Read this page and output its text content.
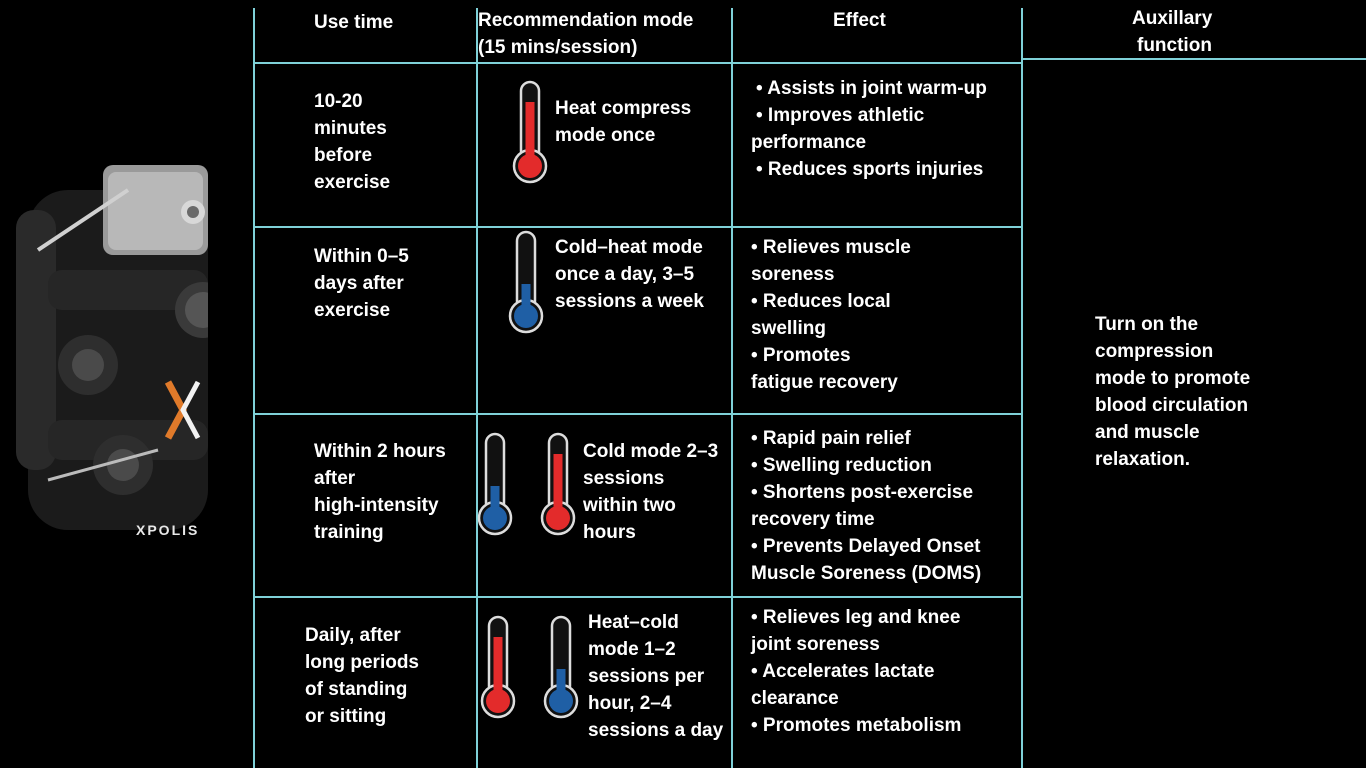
XPOLIS

Use time	Recommendation mode

(15 mins/session)

Effect	Auxillary

function

10-20

minutes

before

exercise

Heat compress

mode once

• Assists in joint warm-up

• Improves athletic

performance

• Reduces sports injuries

Within 0–5

days after

exercise

Cold–heat mode

once a day, 3–5

sessions a week

• Relieves muscle

soreness

• Reduces local

swelling

• Promotes

fatigue recovery

Within 2 hours

after

high-intensity

training

Cold mode 2–3

sessions

within two

hours

• Rapid pain relief

• Swelling reduction

• Shortens post-exercise

recovery time

• Prevents Delayed Onset

Muscle Soreness (DOMS)

Daily, after

long periods

of standing

or sitting

Heat–cold

mode 1–2

sessions per

hour, 2–4

sessions a day

• Relieves leg and knee

joint soreness

• Accelerates lactate

clearance

• Promotes metabolism

Turn on the

compression

mode to promote

blood circulation

and muscle

relaxation.
